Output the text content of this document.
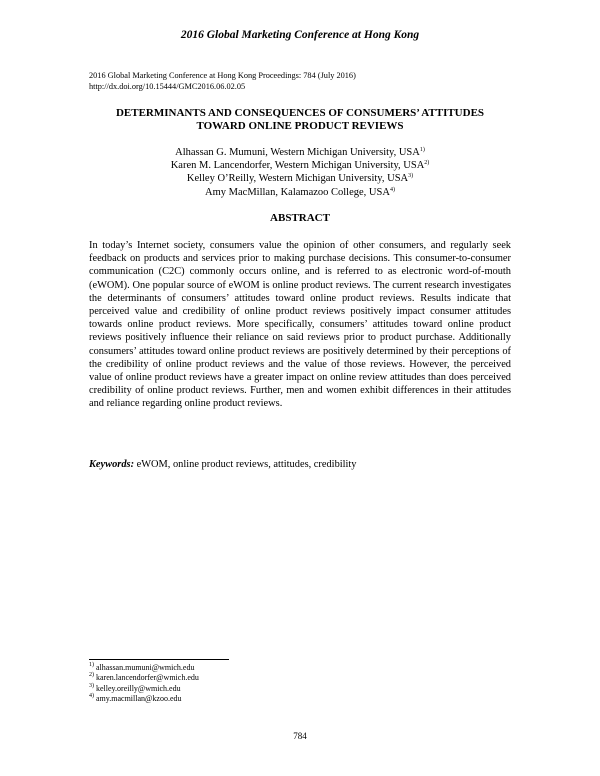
2016 Global Marketing Conference at Hong Kong
2016 Global Marketing Conference at Hong Kong Proceedings: 784 (July 2016)
http://dx.doi.org/10.15444/GMC2016.06.02.05
DETERMINANTS AND CONSEQUENCES OF CONSUMERS’ ATTITUDES
TOWARD ONLINE PRODUCT REVIEWS
Alhassan G. Mumuni, Western Michigan University, USA$^{1)}$
Karen M. Lancendorfer, Western Michigan University, USA$^{2)}$
Kelley O’Reilly, Western Michigan University, USA$^{3)}$
Amy MacMillan, Kalamazoo College, USA$^{4)}$
ABSTRACT
In today’s Internet society, consumers value the opinion of other consumers, and regularly seek feedback on products and services prior to making purchase decisions. This consumer-to-consumer communication (C2C) commonly occurs online, and is referred to as electronic word-of-mouth (eWOM). One popular source of eWOM is online product reviews. The current research investigates the determinants of consumers’ attitudes toward online product reviews. Results indicate that perceived value and credibility of online product reviews positively impact consumer attitudes towards online product reviews. More specifically, consumers’ attitudes toward online product reviews positively influence their reliance on said reviews prior to product purchase. Additionally consumers’ attitudes toward online product reviews are positively determined by their perceptions of the credibility of online product reviews and the value of those reviews. However, the perceived value of online product reviews have a greater impact on online review attitudes than does perceived credibility of online product reviews. Further, men and women exhibit differences in their attitudes and reliance regarding online product reviews.
Keywords: eWOM, online product reviews, attitudes, credibility
$^{1)}$ alhassan.mumuni@wmich.edu
$^{2)}$ karen.lancendorfer@wmich.edu
$^{3)}$ kelley.oreilly@wmich.edu
$^{4)}$ amy.macmillan@kzoo.edu
784
